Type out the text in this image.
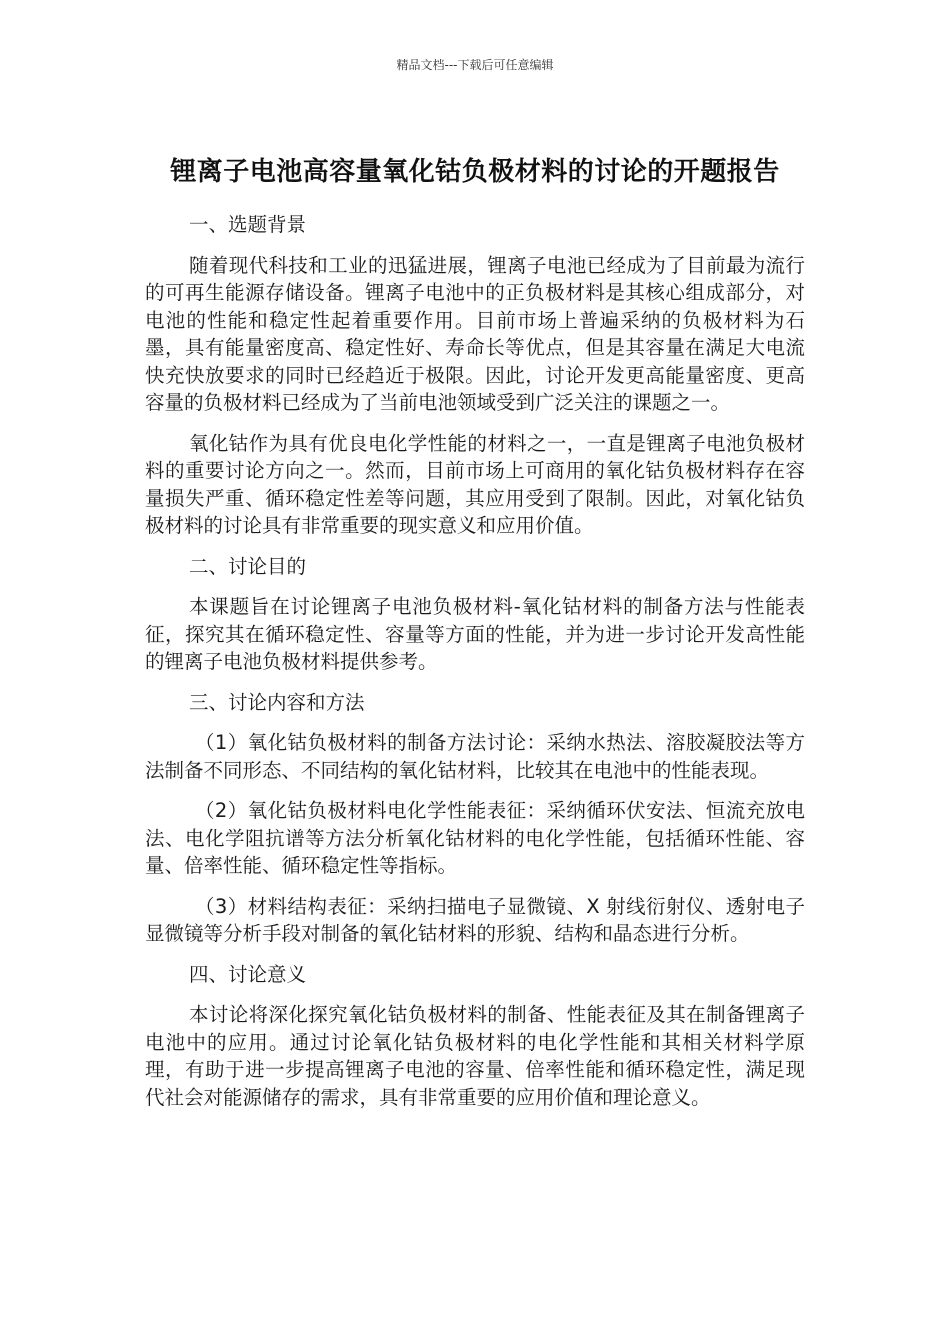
精品文档---下载后可任意编辑
锂离子电池高容量氧化钴负极材料的讨论的开题报告
一、选题背景

随着现代科技和工业的迅猛进展，锂离子电池已经成为了目前最为流行的可再生能源存储设备。锂离子电池中的正负极材料是其核心组成部分，对电池的性能和稳定性起着重要作用。目前市场上普遍采纳的负极材料为石墨，具有能量密度高、稳定性好、寿命长等优点，但是其容量在满足大电流快充快放要求的同时已经趋近于极限。因此，讨论开发更高能量密度、更高容量的负极材料已经成为了当前电池领域受到广泛关注的课题之一。

氧化钴作为具有优良电化学性能的材料之一，一直是锂离子电池负极材料的重要讨论方向之一。然而，目前市场上可商用的氧化钴负极材料存在容量损失严重、循环稳定性差等问题，其应用受到了限制。因此，对氧化钴负极材料的讨论具有非常重要的现实意义和应用价值。

二、讨论目的

本课题旨在讨论锂离子电池负极材料-氧化钴材料的制备方法与性能表征，探究其在循环稳定性、容量等方面的性能，并为进一步讨论开发高性能的锂离子电池负极材料提供参考。

三、讨论内容和方法

（1）氧化钴负极材料的制备方法讨论：采纳水热法、溶胶凝胶法等方法制备不同形态、不同结构的氧化钴材料，比较其在电池中的性能表现。

（2）氧化钴负极材料电化学性能表征：采纳循环伏安法、恒流充放电法、电化学阻抗谱等方法分析氧化钴材料的电化学性能，包括循环性能、容量、倍率性能、循环稳定性等指标。

（3）材料结构表征：采纳扫描电子显微镜、X 射线衍射仪、透射电子显微镜等分析手段对制备的氧化钴材料的形貌、结构和晶态进行分析。

四、讨论意义

本讨论将深化探究氧化钴负极材料的制备、性能表征及其在制备锂离子电池中的应用。通过讨论氧化钴负极材料的电化学性能和其相关材料学原理，有助于进一步提高锂离子电池的容量、倍率性能和循环稳定性，满足现代社会对能源储存的需求，具有非常重要的应用价值和理论意义。
